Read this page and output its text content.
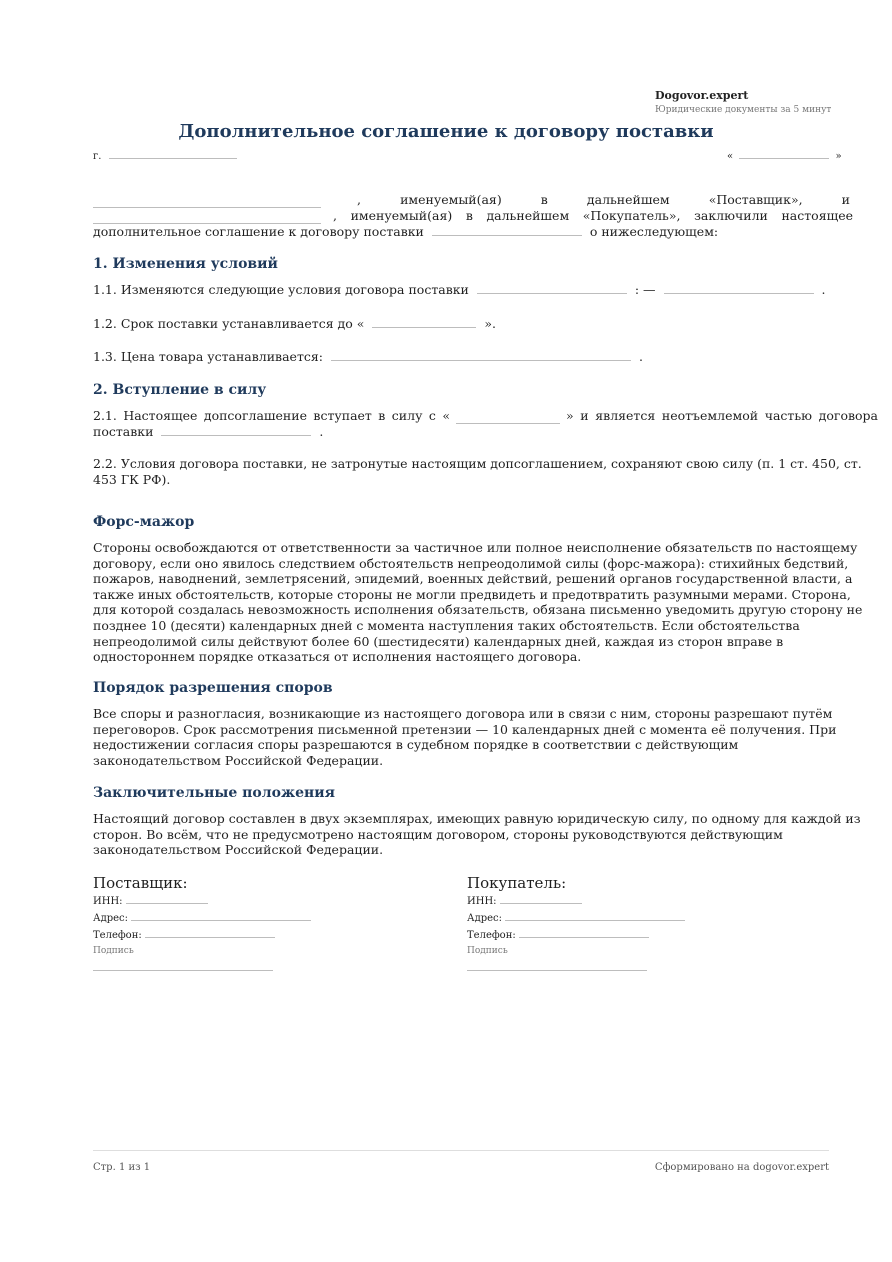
Dogovor.expert
Юридические документы за 5 минут
Дополнительное соглашение к договору поставки
г.	«	»
, именуемый(ая) в дальнейшем «Поставщик», и
, именуемый(ая) в дальнейшем «Покупатель», заключили настоящее
дополнительное соглашение к договору поставки	о нижеследующем:
1. Изменения условий
1.1. Изменяются следующие условия договора поставки	: —	.
1.2. Срок поставки устанавливается до «	».
1.3. Цена товара устанавливается:	.
2. Вступление в силу
2.1. Настоящее допсоглашение вступает в силу с «	» и является неотъемлемой частью договора
поставки	.
2.2. Условия договора поставки, не затронутые настоящим допсоглашением, сохраняют свою силу (п. 1 ст. 450, ст. 453 ГК РФ).
Форс-мажор
Стороны освобождаются от ответственности за частичное или полное неисполнение обязательств по настоящему договору, если оно явилось следствием обстоятельств непреодолимой силы (форс-мажора): стихийных бедствий, пожаров, наводнений, землетрясений, эпидемий, военных действий, решений органов государственной власти, а также иных обстоятельств, которые стороны не могли предвидеть и предотвратить разумными мерами. Сторона, для которой создалась невозможность исполнения обязательств, обязана письменно уведомить другую сторону не позднее 10 (десяти) календарных дней с момента наступления таких обстоятельств. Если обстоятельства непреодолимой силы действуют более 60 (шестидесяти) календарных дней, каждая из сторон вправе в одностороннем порядке отказаться от исполнения настоящего договора.
Порядок разрешения споров
Все споры и разногласия, возникающие из настоящего договора или в связи с ним, стороны разрешают путём переговоров. Срок рассмотрения письменной претензии — 10 календарных дней с момента её получения. При недостижении согласия споры разрешаются в судебном порядке в соответствии с действующим законодательством Российской Федерации.
Заключительные положения
Настоящий договор составлен в двух экземплярах, имеющих равную юридическую силу, по одному для каждой из сторон. Во всём, что не предусмотрено настоящим договором, стороны руководствуются действующим законодательством Российской Федерации.
Поставщик:
ИНН:
Адрес:
Телефон:
Подпись
Покупатель:
ИНН:
Адрес:
Телефон:
Подпись
Стр. 1 из 1	Сформировано на dogovor.expert
